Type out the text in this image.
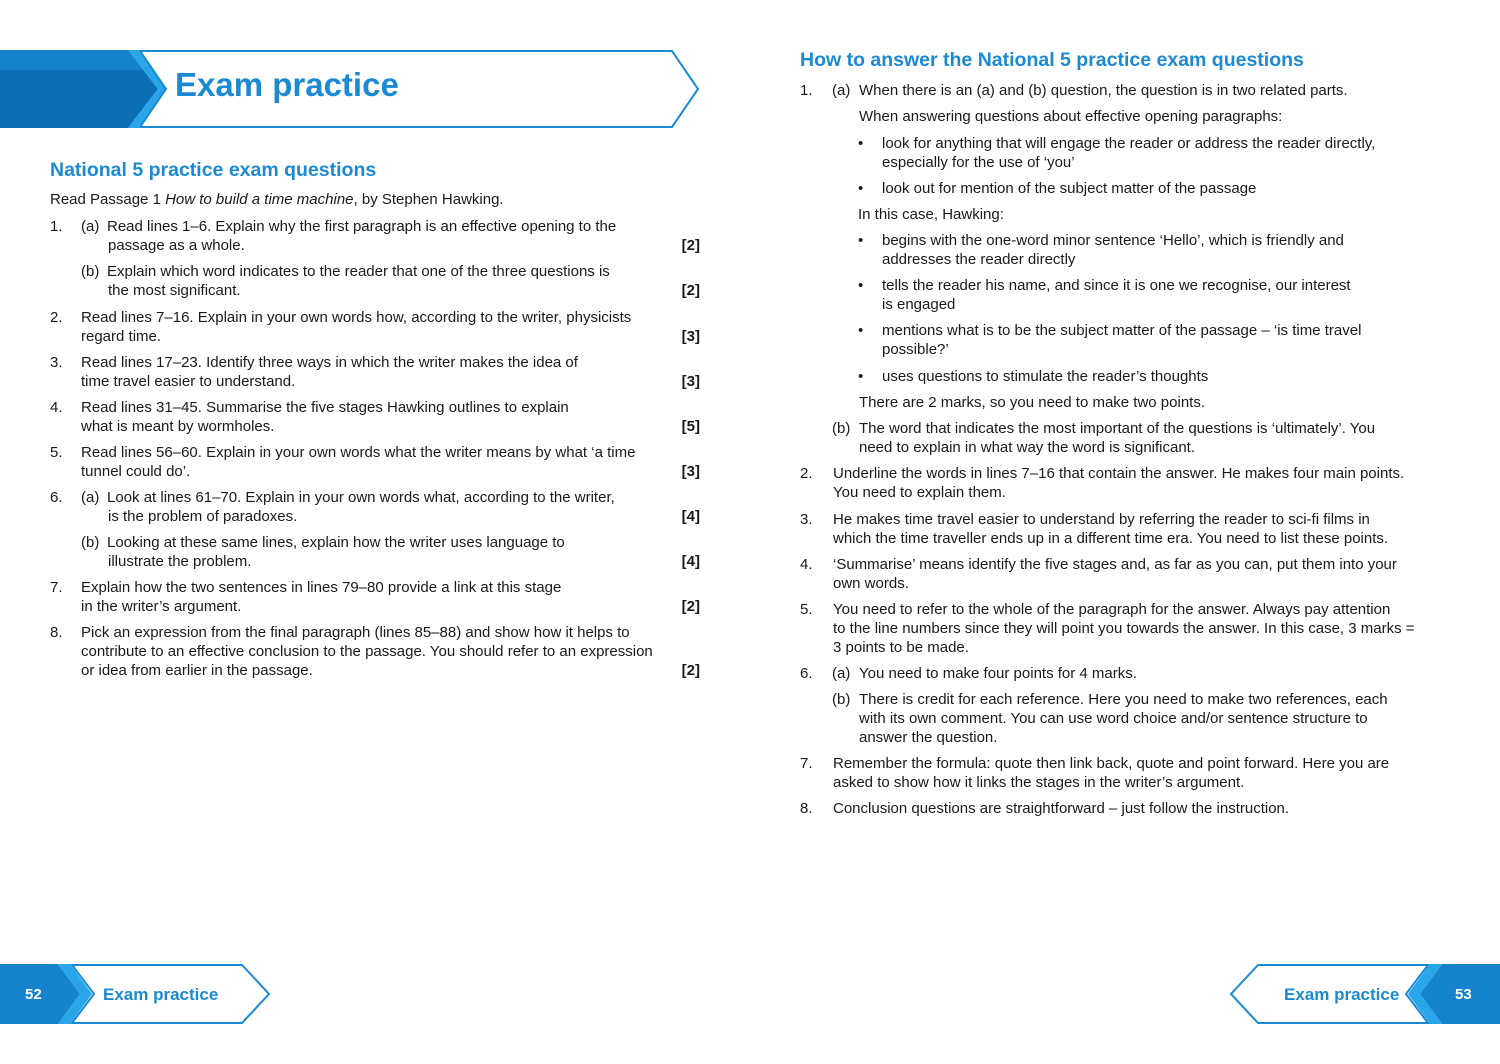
Exam practice
National 5 practice exam questions
Read Passage 1 How to build a time machine, by Stephen Hawking.
1. (a) Read lines 1–6. Explain why the first paragraph is an effective opening to the
passage as a whole.	[2]
(b) Explain which word indicates to the reader that one of the three questions is
the most significant.	[2]
2. Read lines 7–16. Explain in your own words how, according to the writer, physicists
regard time.	[3]
3. Read lines 17–23. Identify three ways in which the writer makes the idea of
time travel easier to understand.	[3]
4. Read lines 31–45. Summarise the five stages Hawking outlines to explain
what is meant by wormholes.	[5]
5. Read lines 56–60. Explain in your own words what the writer means by what ‘a time
tunnel could do’.	[3]
6. (a) Look at lines 61–70. Explain in your own words what, according to the writer,
is the problem of paradoxes.	[4]
(b) Looking at these same lines, explain how the writer uses language to
illustrate the problem.	[4]
7. Explain how the two sentences in lines 79–80 provide a link at this stage
in the writer’s argument.	[2]
8. Pick an expression from the final paragraph (lines 85–88) and show how it helps to
contribute to an effective conclusion to the passage. You should refer to an expression
or idea from earlier in the passage.	[2]
How to answer the National 5 practice exam questions
1. (a) When there is an (a) and (b) question, the question is in two related parts.
When answering questions about effective opening paragraphs:
• look for anything that will engage the reader or address the reader directly,
especially for the use of ‘you’
• look out for mention of the subject matter of the passage
In this case, Hawking:
• begins with the one-word minor sentence ‘Hello’, which is friendly and
addresses the reader directly
• tells the reader his name, and since it is one we recognise, our interest
is engaged
• mentions what is to be the subject matter of the passage – ‘is time travel
possible?’
• uses questions to stimulate the reader’s thoughts
There are 2 marks, so you need to make two points.
(b) The word that indicates the most important of the questions is ‘ultimately’. You
need to explain in what way the word is significant.
2. Underline the words in lines 7–16 that contain the answer. He makes four main points.
You need to explain them.
3. He makes time travel easier to understand by referring the reader to sci-fi films in
which the time traveller ends up in a different time era. You need to list these points.
4. ‘Summarise’ means identify the five stages and, as far as you can, put them into your
own words.
5. You need to refer to the whole of the paragraph for the answer. Always pay attention
to the line numbers since they will point you towards the answer. In this case, 3 marks =
3 points to be made.
6. (a) You need to make four points for 4 marks.
(b) There is credit for each reference. Here you need to make two references, each
with its own comment. You can use word choice and/or sentence structure to
answer the question.
7. Remember the formula: quote then link back, quote and point forward. Here you are
asked to show how it links the stages in the writer’s argument.
8. Conclusion questions are straightforward – just follow the instruction.
52	Exam practice	Exam practice	53
